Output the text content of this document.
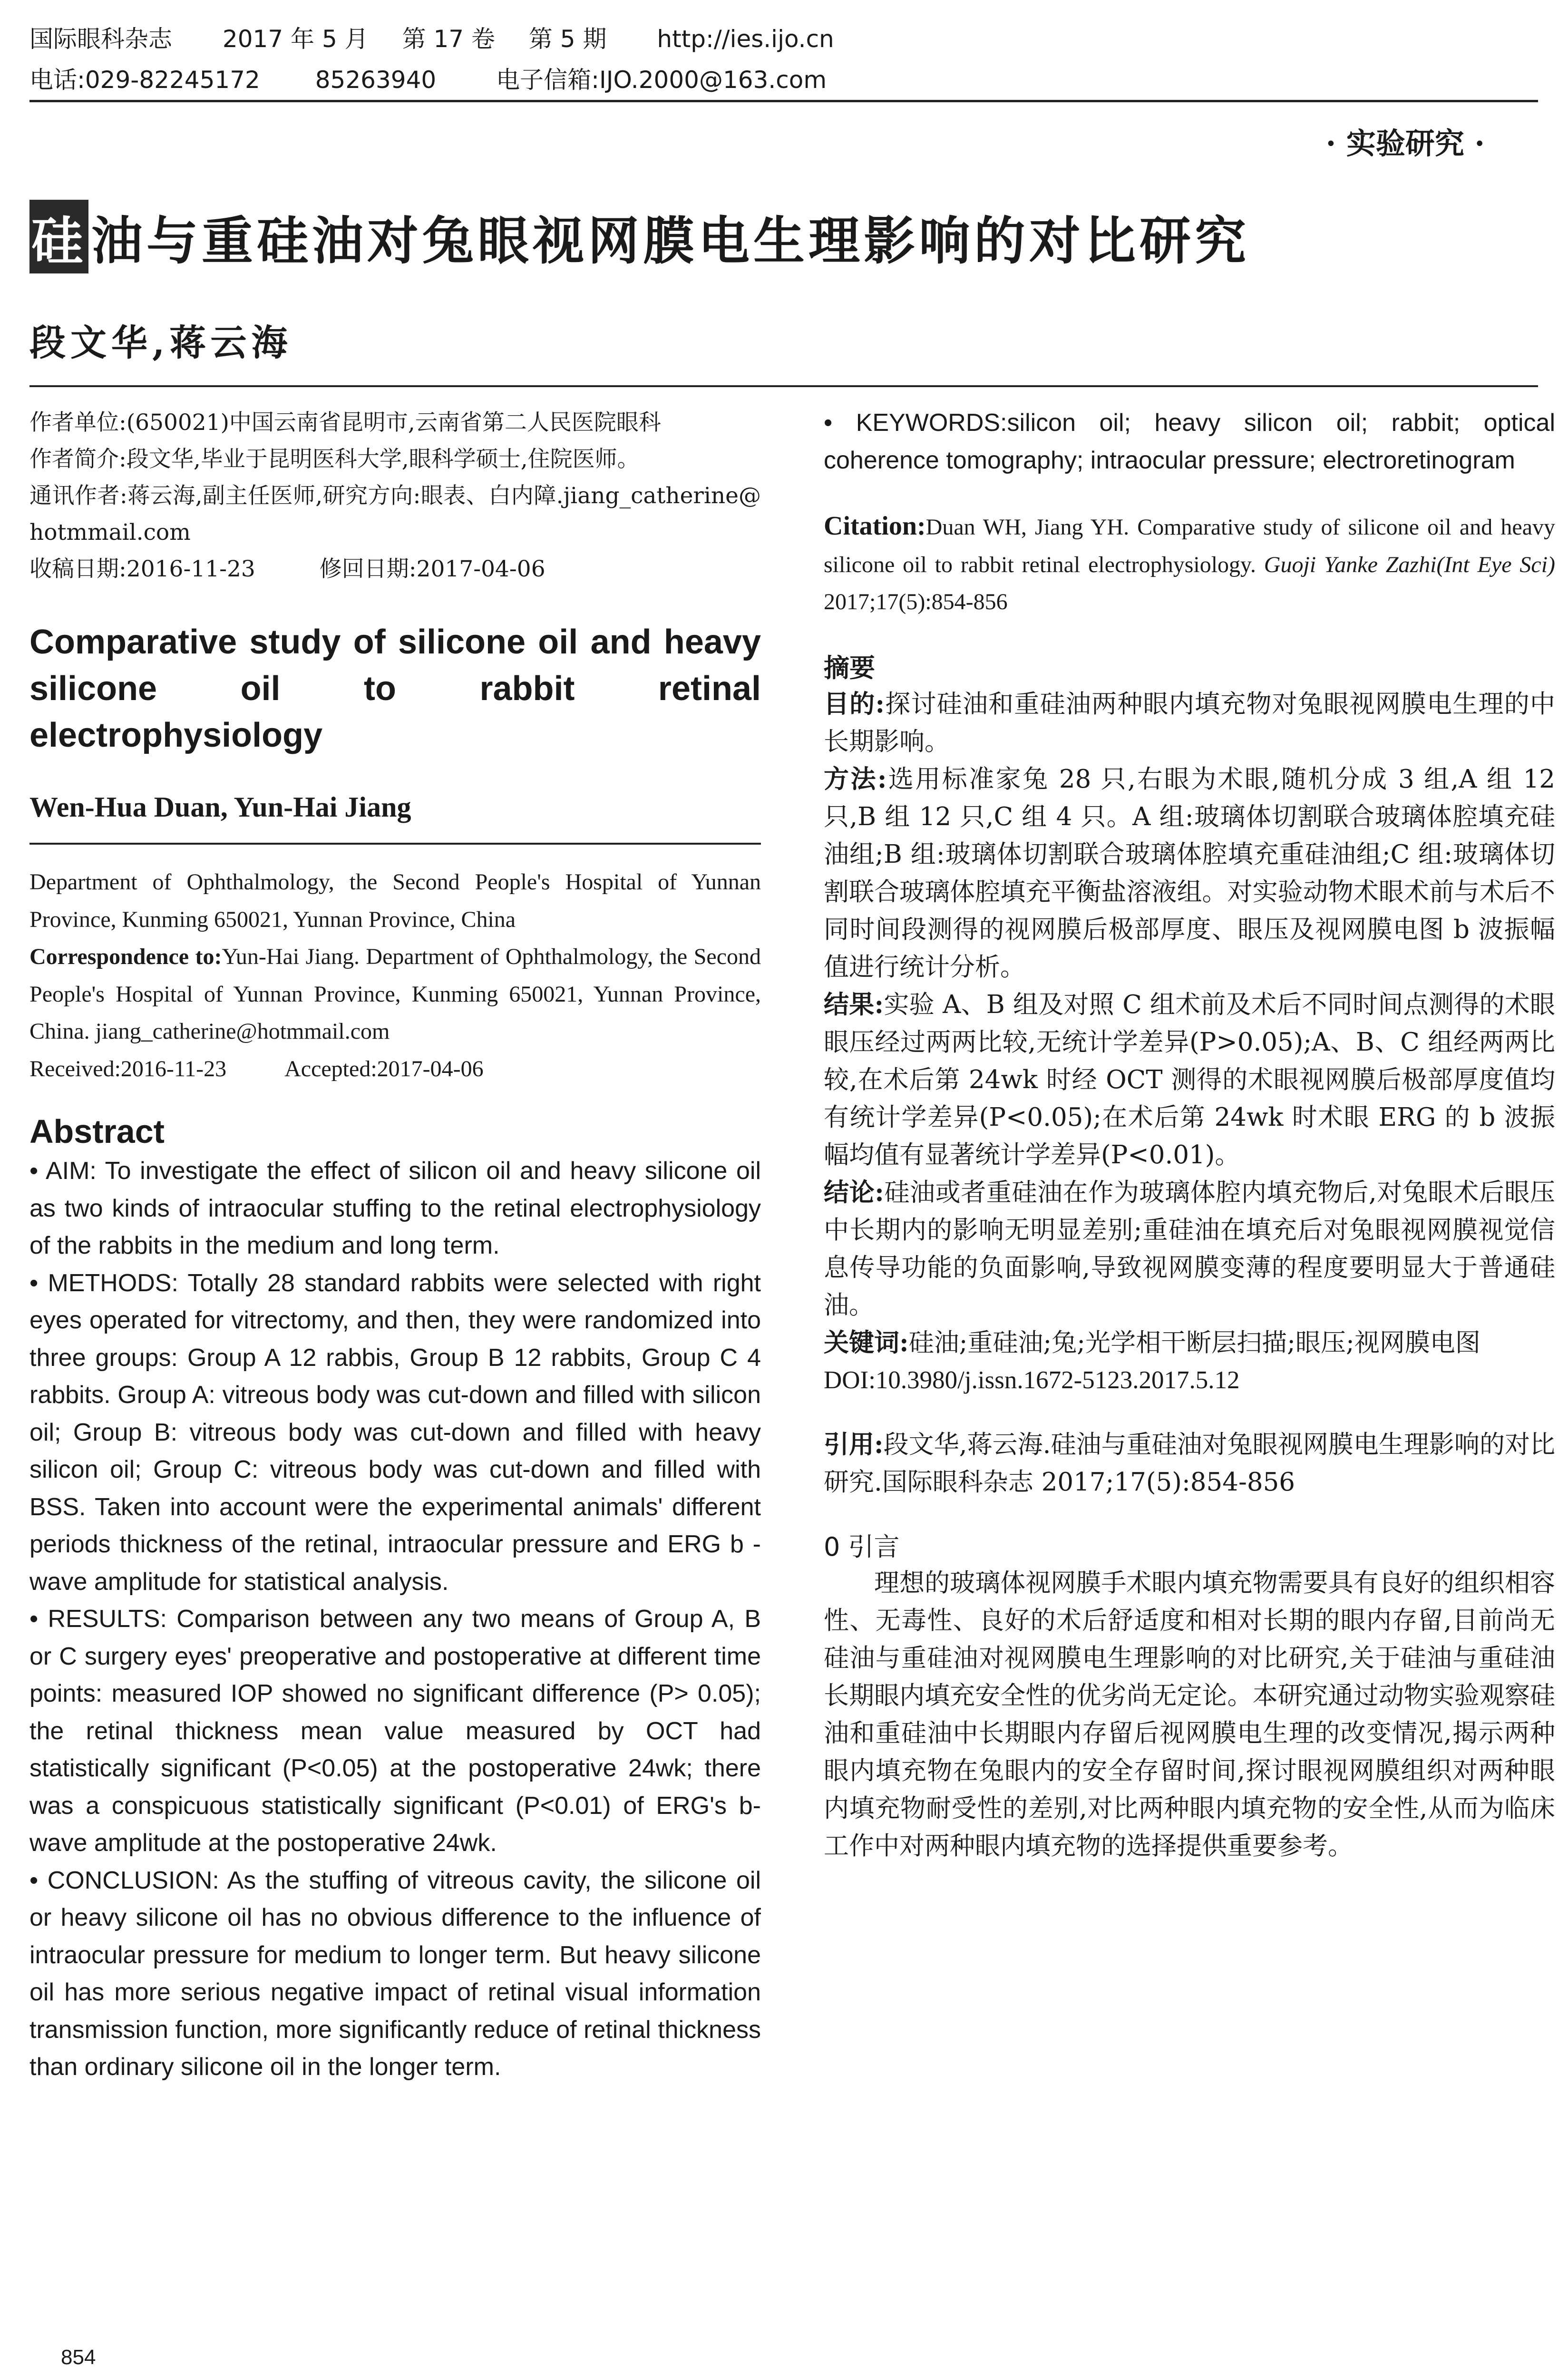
国际眼科杂志 2017 年 5 月 第 17 卷 第 5 期 http://ies.ijo.cn
电话:029-82245172 85263940	电子信箱:IJO.2000@163.com
· 实验研究 ·
硅油与重硅油对兔眼视网膜电生理影响的对比研究
段文华,蒋云海

作者单位:(650021)中国云南省昆明市,云南省第二人民医院眼科

作者简介:段文华,毕业于昆明医科大学,眼科学硕士,住院医师。

通讯作者:蒋云海,副主任医师,研究方向:眼表、白内障.jiang_catherine@hotmmail.com

收稿日期:2016-11-23	修回日期:2017-04-06

Comparative study of silicone oil and heavy silicone oil to rabbit retinal electrophysiology
Wen-Hua Duan, Yun-Hai Jiang

Department of Ophthalmology, the Second People's Hospital of Yunnan Province, Kunming 650021, Yunnan Province, China

Correspondence to:Yun-Hai Jiang. Department of Ophthalmology, the Second People's Hospital of Yunnan Province, Kunming 650021, Yunnan Province, China. jiang_catherine@hotmmail.com

Received:2016-11-23	Accepted:2017-04-06

Abstract

• AIM: To investigate the effect of silicon oil and heavy silicone oil as two kinds of intraocular stuffing to the retinal electrophysiology of the rabbits in the medium and long term.

• METHODS: Totally 28 standard rabbits were selected with right eyes operated for vitrectomy, and then, they were randomized into three groups: Group A 12 rabbis, Group B 12 rabbits, Group C 4 rabbits. Group A: vitreous body was cut-down and filled with silicon oil; Group B: vitreous body was cut-down and filled with heavy silicon oil; Group C: vitreous body was cut-down and filled with BSS. Taken into account were the experimental animals' different periods thickness of the retinal, intraocular pressure and ERG b - wave amplitude for statistical analysis.

• RESULTS: Comparison between any two means of Group A, B or C surgery eyes' preoperative and postoperative at different time points: measured IOP showed no significant difference (P> 0.05); the retinal thickness mean value measured by OCT had statistically significant (P<0.05) at the postoperative 24wk; there was a conspicuous statistically significant (P<0.01) of ERG's b-wave amplitude at the postoperative 24wk.

• CONCLUSION: As the stuffing of vitreous cavity, the silicone oil or heavy silicone oil has no obvious difference to the influence of intraocular pressure for medium to longer term. But heavy silicone oil has more serious negative impact of retinal visual information transmission function, more significantly reduce of retinal thickness than ordinary silicone oil in the longer term.

• KEYWORDS:silicon oil; heavy silicon oil; rabbit; optical coherence tomography; intraocular pressure; electroretinogram

Citation:Duan WH, Jiang YH. Comparative study of silicone oil and heavy silicone oil to rabbit retinal electrophysiology. Guoji Yanke Zazhi(Int Eye Sci) 2017;17(5):854-856

摘要

目的:探讨硅油和重硅油两种眼内填充物对兔眼视网膜电生理的中长期影响。

方法:选用标准家兔 28 只,右眼为术眼,随机分成 3 组,A 组 12 只,B 组 12 只,C 组 4 只。A 组:玻璃体切割联合玻璃体腔填充硅油组;B 组:玻璃体切割联合玻璃体腔填充重硅油组;C 组:玻璃体切割联合玻璃体腔填充平衡盐溶液组。对实验动物术眼术前与术后不同时间段测得的视网膜后极部厚度、眼压及视网膜电图 b 波振幅值进行统计分析。

结果:实验 A、B 组及对照 C 组术前及术后不同时间点测得的术眼眼压经过两两比较,无统计学差异(P>0.05);A、B、C 组经两两比较,在术后第 24wk 时经 OCT 测得的术眼视网膜后极部厚度值均有统计学差异(P<0.05);在术后第 24wk 时术眼 ERG 的 b 波振幅均值有显著统计学差异(P<0.01)。

结论:硅油或者重硅油在作为玻璃体腔内填充物后,对兔眼术后眼压中长期内的影响无明显差别;重硅油在填充后对兔眼视网膜视觉信息传导功能的负面影响,导致视网膜变薄的程度要明显大于普通硅油。

关键词:硅油;重硅油;兔;光学相干断层扫描;眼压;视网膜电图

DOI:10.3980/j.issn.1672-5123.2017.5.12

引用:段文华,蒋云海.硅油与重硅油对兔眼视网膜电生理影响的对比研究.国际眼科杂志 2017;17(5):854-856

0 引言

理想的玻璃体视网膜手术眼内填充物需要具有良好的组织相容性、无毒性、良好的术后舒适度和相对长期的眼内存留,目前尚无硅油与重硅油对视网膜电生理影响的对比研究,关于硅油与重硅油长期眼内填充安全性的优劣尚无定论。本研究通过动物实验观察硅油和重硅油中长期眼内存留后视网膜电生理的改变情况,揭示两种眼内填充物在兔眼内的安全存留时间,探讨眼视网膜组织对两种眼内填充物耐受性的差别,对比两种眼内填充物的安全性,从而为临床工作中对两种眼内填充物的选择提供重要参考。

854
